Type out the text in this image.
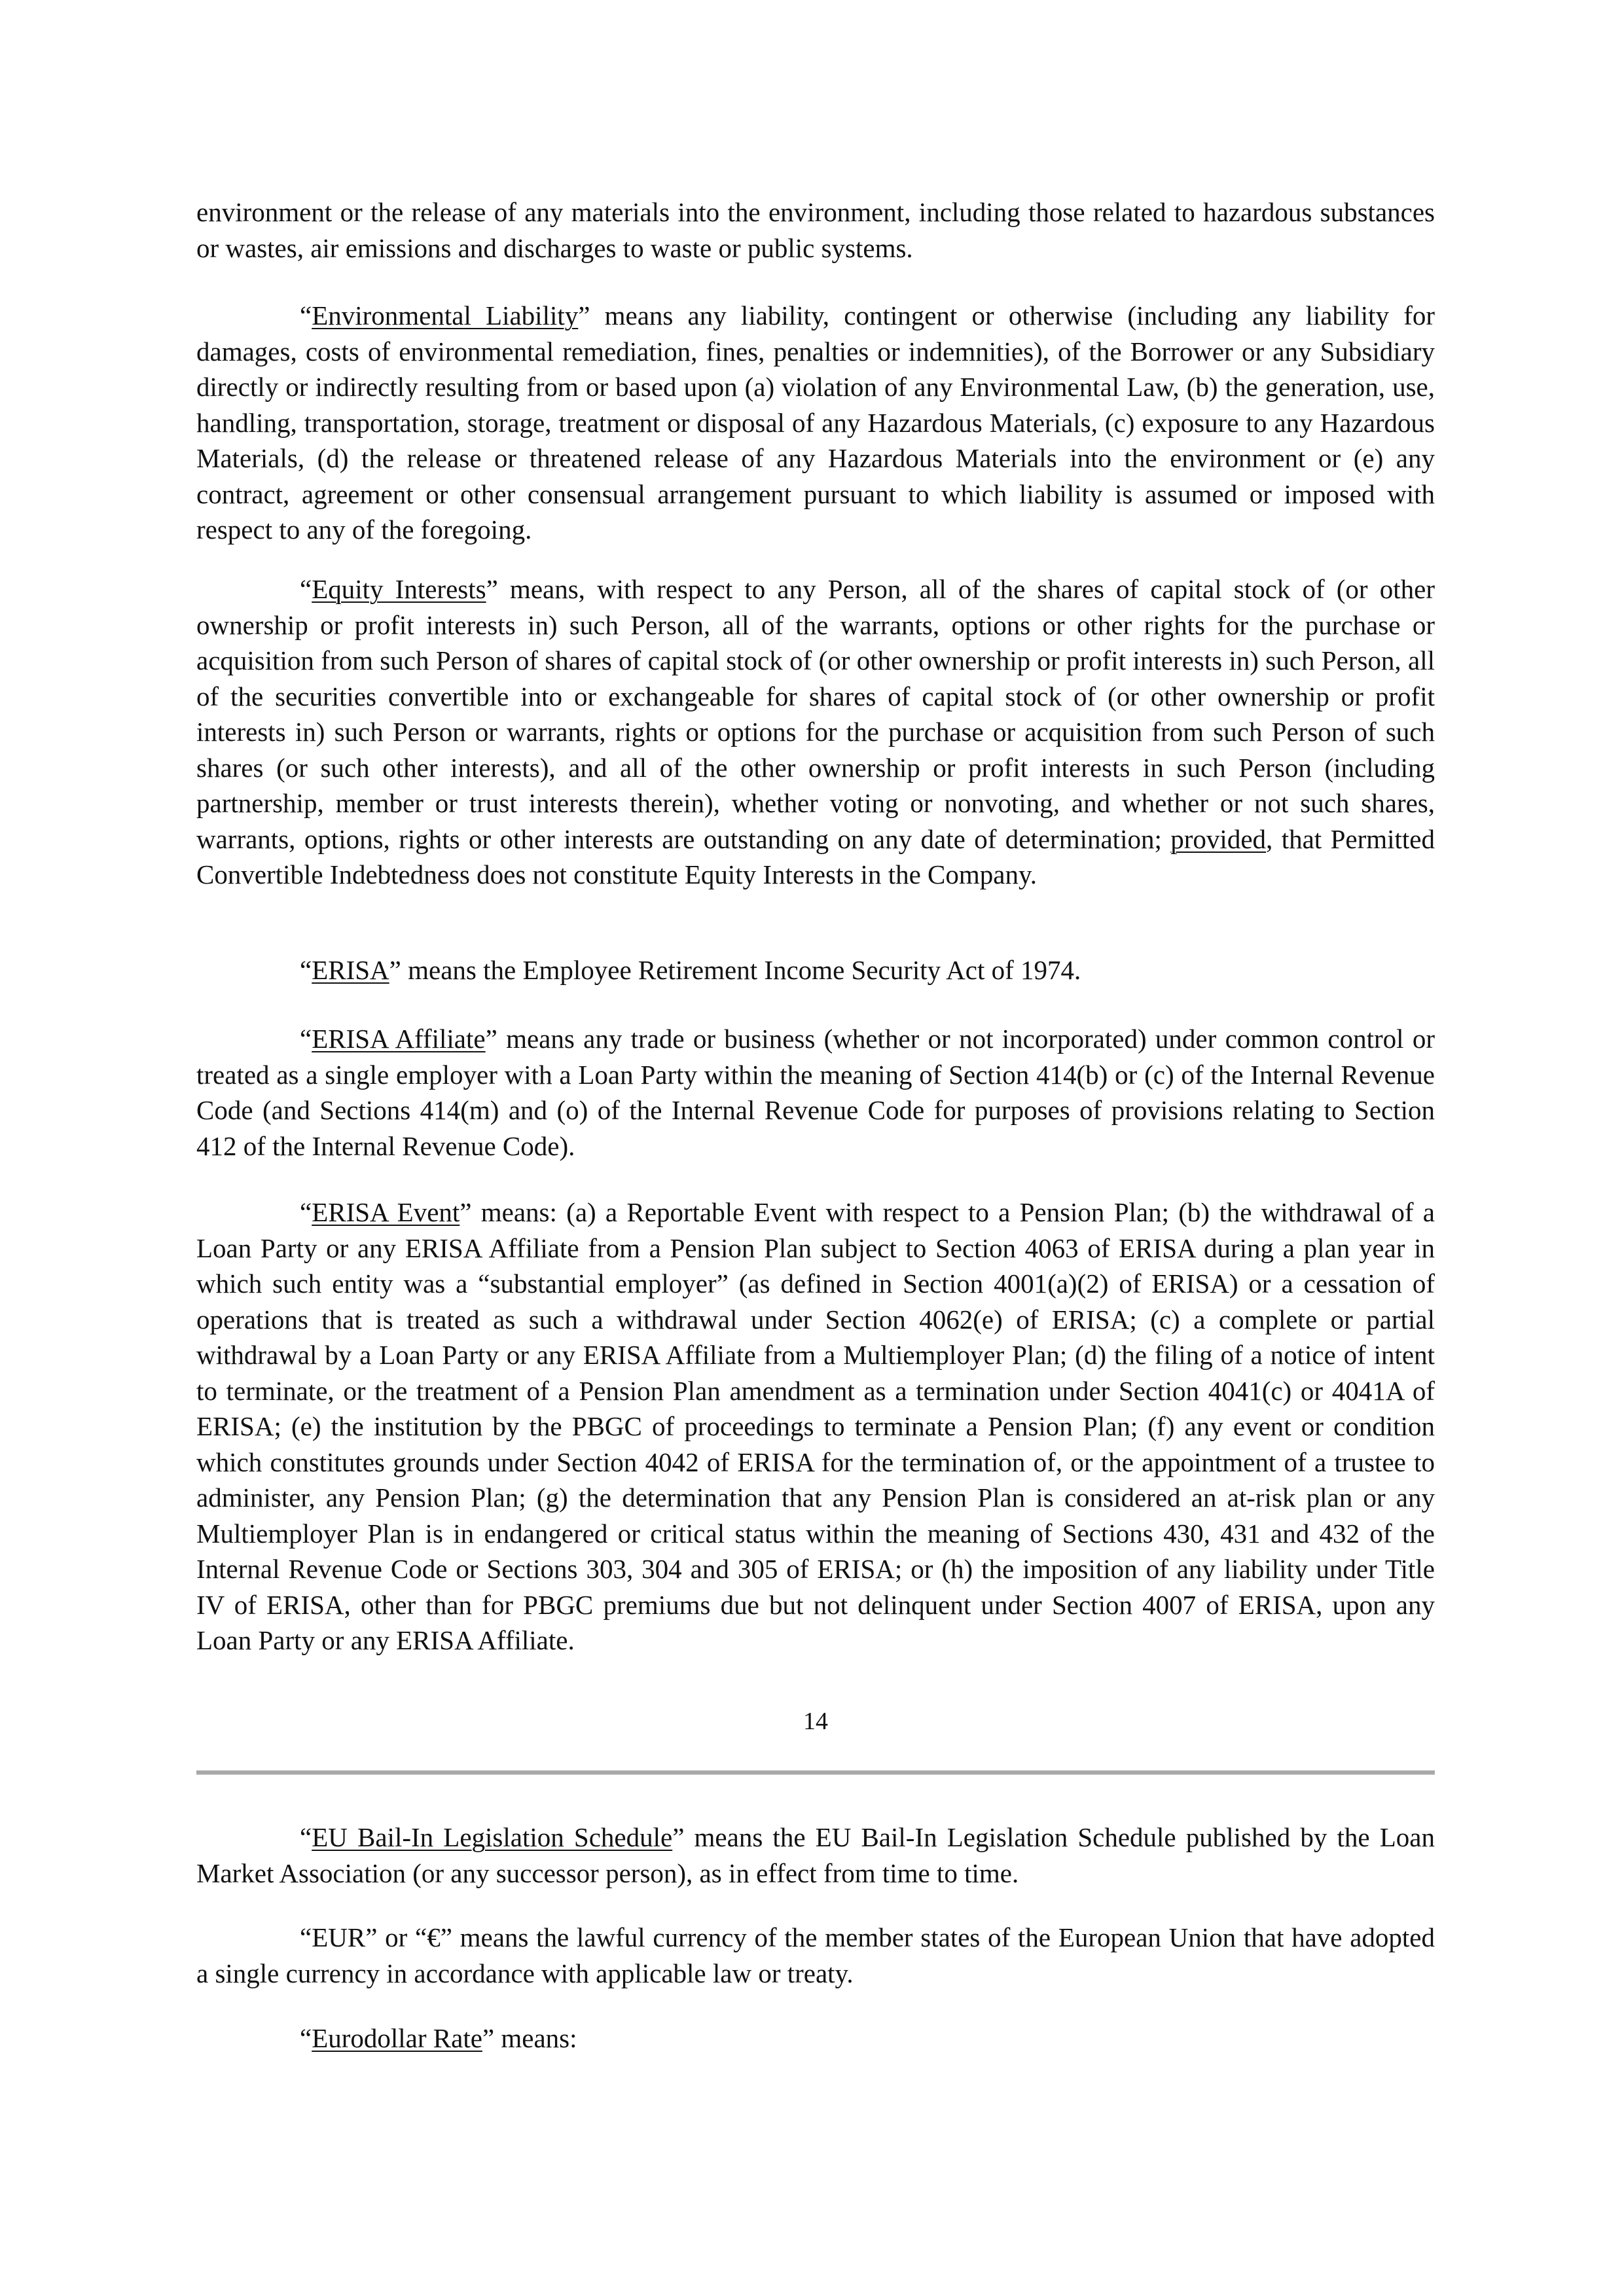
environment or the release of any materials into the environment, including those related to hazardous substances or wastes, air emissions and discharges to waste or public systems.

“Environmental Liability” means any liability, contingent or otherwise (including any liability for damages, costs of environmental remediation, fines, penalties or indemnities), of the Borrower or any Subsidiary directly or indirectly resulting from or based upon (a) violation of any Environmental Law, (b) the generation, use, handling, transportation, storage, treatment or disposal of any Hazardous Materials, (c) exposure to any Hazardous Materials, (d) the release or threatened release of any Hazardous Materials into the environment or (e) any contract, agreement or other consensual arrangement pursuant to which liability is assumed or imposed with respect to any of the foregoing.

“Equity Interests” means, with respect to any Person, all of the shares of capital stock of (or other ownership or profit interests in) such Person, all of the warrants, options or other rights for the purchase or acquisition from such Person of shares of capital stock of (or other ownership or profit interests in) such Person, all of the securities convertible into or exchangeable for shares of capital stock of (or other ownership or profit interests in) such Person or warrants, rights or options for the purchase or acquisition from such Person of such shares (or such other interests), and all of the other ownership or profit interests in such Person (including partnership, member or trust interests therein), whether voting or nonvoting, and whether or not such shares, warrants, options, rights or other interests are outstanding on any date of determination; provided, that Permitted Convertible Indebtedness does not constitute Equity Interests in the Company.

“ERISA” means the Employee Retirement Income Security Act of 1974.

“ERISA Affiliate” means any trade or business (whether or not incorporated) under common control or treated as a single employer with a Loan Party within the meaning of Section 414(b) or (c) of the Internal Revenue Code (and Sections 414(m) and (o) of the Internal Revenue Code for purposes of provisions relating to Section 412 of the Internal Revenue Code).

“ERISA Event” means: (a) a Reportable Event with respect to a Pension Plan; (b) the withdrawal of a Loan Party or any ERISA Affiliate from a Pension Plan subject to Section 4063 of ERISA during a plan year in which such entity was a “substantial employer” (as defined in Section 4001(a)(2) of ERISA) or a cessation of operations that is treated as such a withdrawal under Section 4062(e) of ERISA; (c) a complete or partial withdrawal by a Loan Party or any ERISA Affiliate from a Multiemployer Plan; (d) the filing of a notice of intent to terminate, or the treatment of a Pension Plan amendment as a termination under Section 4041(c) or 4041A of ERISA; (e) the institution by the PBGC of proceedings to terminate a Pension Plan; (f) any event or condition which constitutes grounds under Section 4042 of ERISA for the termination of, or the appointment of a trustee to administer, any Pension Plan; (g) the determination that any Pension Plan is considered an at-risk plan or any Multiemployer Plan is in endangered or critical status within the meaning of Sections 430, 431 and 432 of the Internal Revenue Code or Sections 303, 304 and 305 of ERISA; or (h) the imposition of any liability under Title IV of ERISA, other than for PBGC premiums due but not delinquent under Section 4007 of ERISA, upon any Loan Party or any ERISA Affiliate.

14

“EU Bail-In Legislation Schedule” means the EU Bail-In Legislation Schedule published by the Loan Market Association (or any successor person), as in effect from time to time.

“EUR” or “€” means the lawful currency of the member states of the European Union that have adopted a single currency in accordance with applicable law or treaty.

“Eurodollar Rate” means:
